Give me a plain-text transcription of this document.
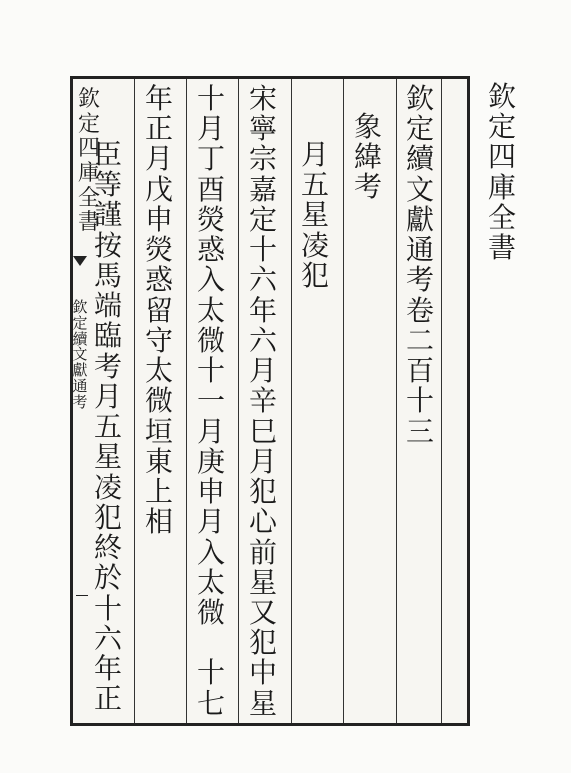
欽
定
四
庫
全
書
欽定四庫全書
欽
定
續
文
獻
通
考
欽
定
續
文
獻
通
考
卷
二
百
十
三
象
緯
考
月
五
星
凌
犯
宋
寧
宗
嘉
定
十
六
年
六
月
辛
巳
月
犯
心
前
星
又
犯
中
星
十
月
丁
酉
熒
惑
入
太
微
十
一
月
庚
申
月
入
太
微

十
七
年
正
月
戊
申
熒
惑
留
守
太
微
垣
東
上
相
臣
等
謹
按
馬
端
臨
考
月
五
星
凌
犯
終
於
十
六
年
正
